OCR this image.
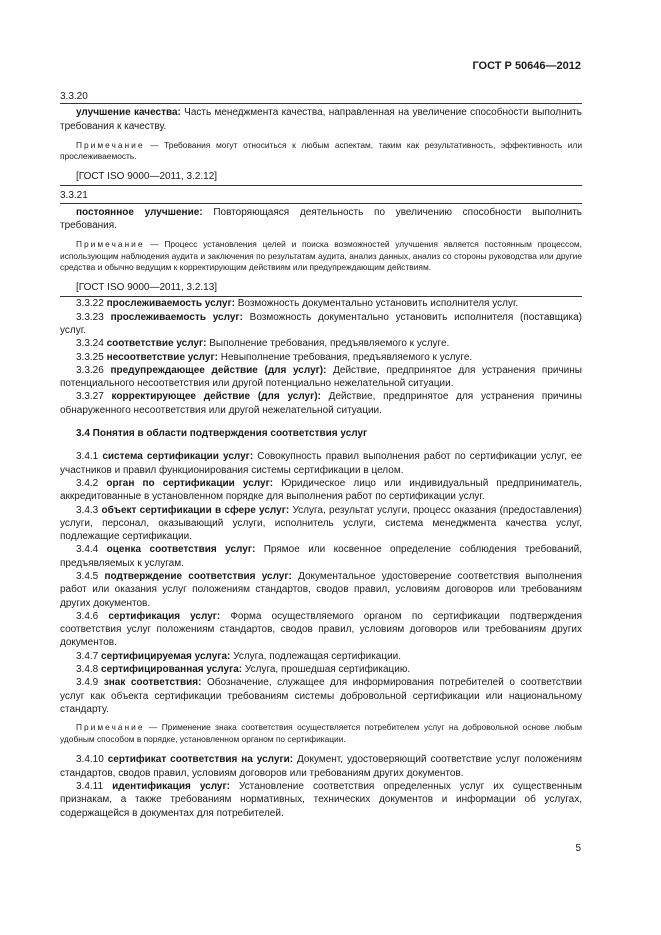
ГОСТ Р 50646—2012

3.3.20

улучшение качества: Часть менеджмента качества, направленная на увеличение способности выполнить требования к качеству.

Примечание — Требования могут относиться к любым аспектам, таким как результативность, эффективность или прослеживаемость.

[ГОСТ ISO 9000—2011, 3.2.12]

3.3.21

постоянное улучшение: Повторяющаяся деятельность по увеличению способности выполнить требования.

Примечание — Процесс установления целей и поиска возможностей улучшения является постоянным процессом, использующим наблюдения аудита и заключения по результатам аудита, анализ данных, анализ со стороны руководства или другие средства и обычно ведущим к корректирующим действиям или предупреждающим действиям.

[ГОСТ ISO 9000—2011, 3.2.13]

3.3.22 прослеживаемость услуг: Возможность документально установить исполнителя услуг.

3.3.23 прослеживаемость услуг: Возможность документально установить исполнителя (поставщика) услуг.

3.3.24 соответствие услуг: Выполнение требования, предъявляемого к услуге.

3.3.25 несоответствие услуг: Невыполнение требования, предъявляемого к услуге.

3.3.26 предупреждающее действие (для услуг): Действие, предпринятое для устранения причины потенциального несоответствия или другой потенциально нежелательной ситуации.

3.3.27 корректирующее действие (для услуг): Действие, предпринятое для устранения причины обнаруженного несоответствия или другой нежелательной ситуации.

3.4 Понятия в области подтверждения соответствия услуг

3.4.1 система сертификации услуг: Совокупность правил выполнения работ по сертификации услуг, ее участников и правил функционирования системы сертификации в целом.

3.4.2 орган по сертификации услуг: Юридическое лицо или индивидуальный предприниматель, аккредитованные в установленном порядке для выполнения работ по сертификации услуг.

3.4.3 объект сертификации в сфере услуг: Услуга, результат услуги, процесс оказания (предоставления) услуги, персонал, оказывающий услуги, исполнитель услуги, система менеджмента качества услуг, подлежащие сертификации.

3.4.4 оценка соответствия услуг: Прямое или косвенное определение соблюдения требований, предъявляемых к услугам.

3.4.5 подтверждение соответствия услуг: Документальное удостоверение соответствия выполнения работ или оказания услуг положениям стандартов, сводов правил, условиям договоров или требованиям других документов.

3.4.6 сертификация услуг: Форма осуществляемого органом по сертификации подтверждения соответствия услуг положениям стандартов, сводов правил, условиям договоров или требованиям других документов.

3.4.7 сертифицируемая услуга: Услуга, подлежащая сертификации.

3.4.8 сертифицированная услуга: Услуга, прошедшая сертификацию.

3.4.9 знак соответствия: Обозначение, служащее для информирования потребителей о соответствии услуг как объекта сертификации требованиям системы добровольной сертификации или национальному стандарту.

Примечание — Применение знака соответствия осуществляется потребителем услуг на добровольной основе любым удобным способом в порядке, установленном органом по сертификации.

3.4.10 сертификат соответствия на услуги: Документ, удостоверяющий соответствие услуг положениям стандартов, сводов правил, условиям договоров или требованиям других документов.

3.4.11 идентификация услуг: Установление соответствия определенных услуг их существенным признакам, а также требованиям нормативных, технических документов и информации об услугах, содержащейся в документах для потребителей.

5
